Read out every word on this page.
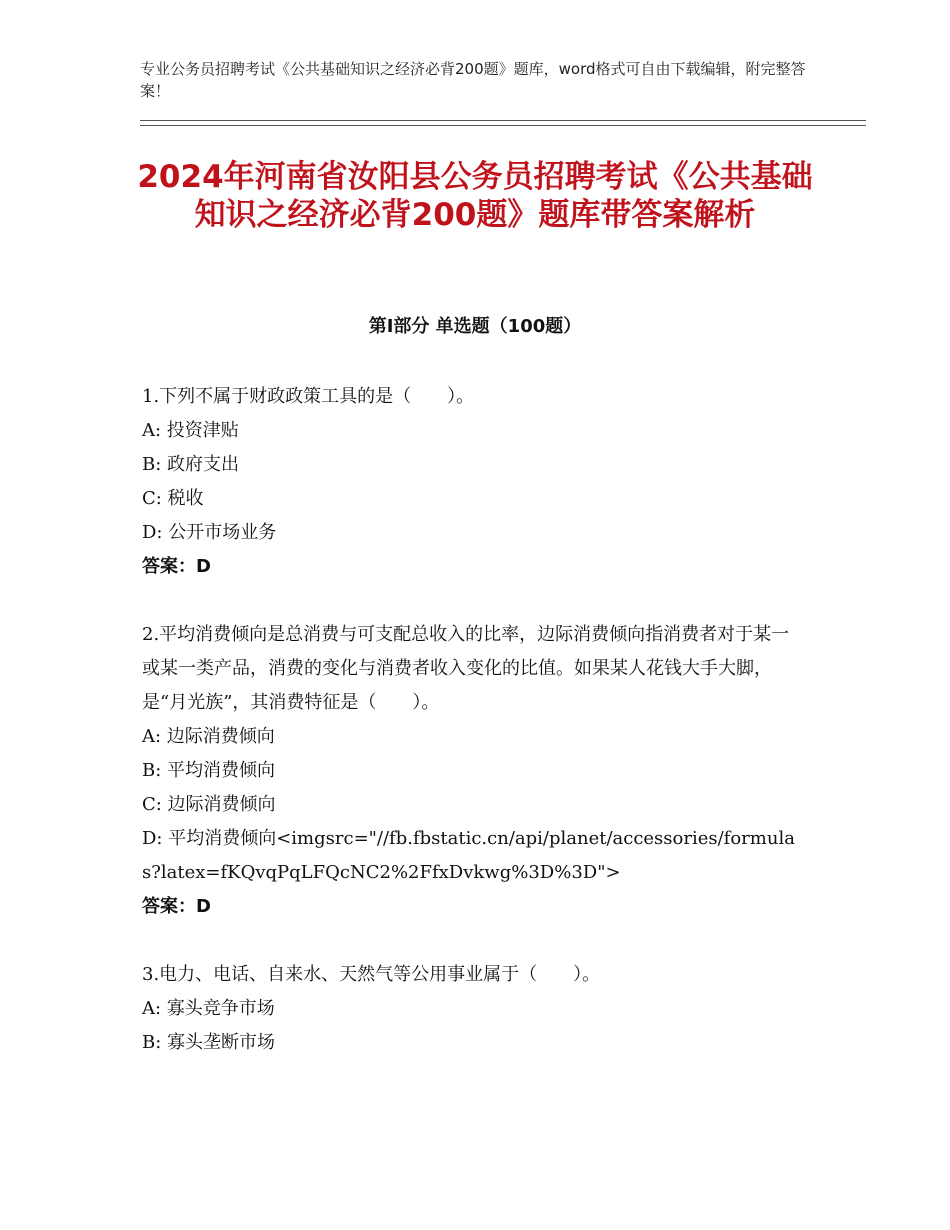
专业公务员招聘考试《公共基础知识之经济必背200题》题库，word格式可自由下载编辑，附完整答案！
2024年河南省汝阳县公务员招聘考试《公共基础知识之经济必背200题》题库带答案解析
第Ⅰ部分 单选题（100题）
1.下列不属于财政政策工具的是（　　）。
A: 投资津贴
B: 政府支出
C: 税收
D: 公开市场业务
答案：D
2.平均消费倾向是总消费与可支配总收入的比率，边际消费倾向指消费者对于某一或某一类产品，消费的变化与消费者收入变化的比值。如果某人花钱大手大脚，是“月光族”，其消费特征是（　　）。
A: 边际消费倾向
B: 平均消费倾向
C: 边际消费倾向
D: 平均消费倾向<imgsrc="//fb.fbstatic.cn/api/planet/accessories/formulas?latex=fKQvqPqLFQcNC2%2FfxDvkwg%3D%3D">
答案：D
3.电力、电话、自来水、天然气等公用事业属于（　　）。
A: 寡头竞争市场
B: 寡头垄断市场
